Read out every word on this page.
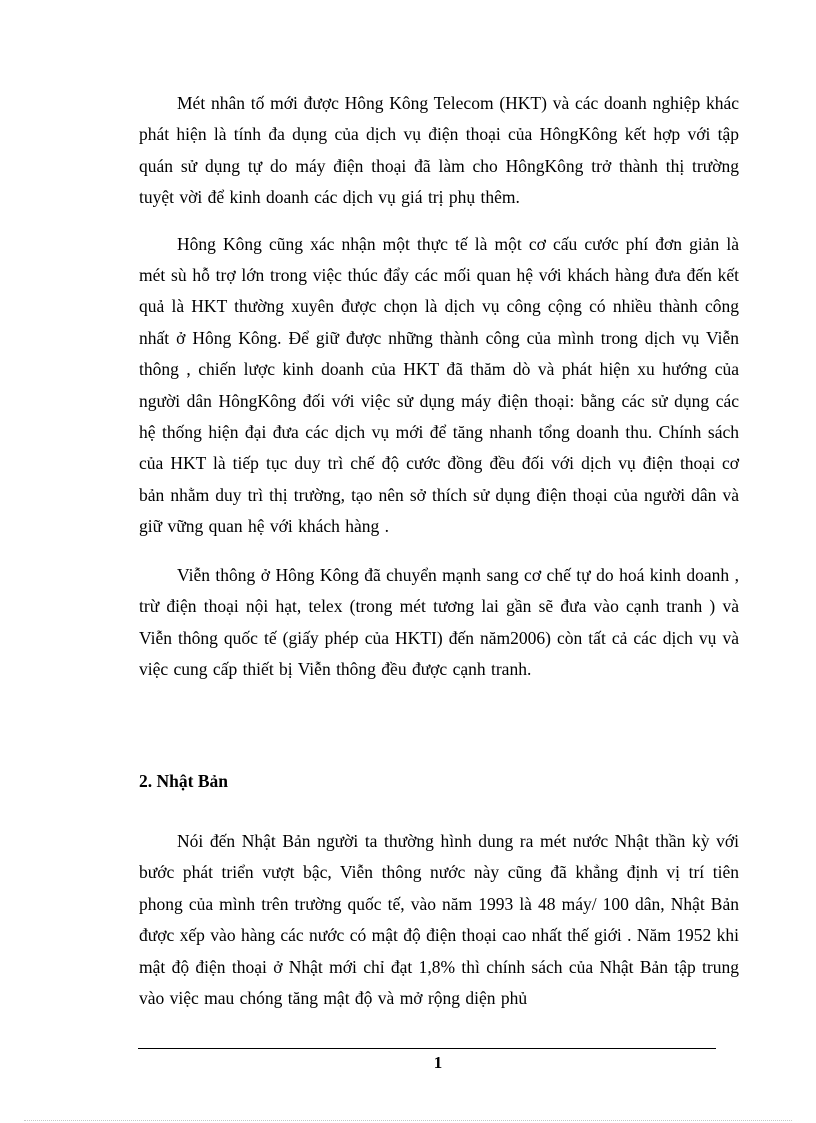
Mét nhân tố mới được Hông Kông Telecom (HKT) và các doanh nghiệp khác phát hiện là tính đa dụng của dịch vụ điện thoại của HôngKông kết hợp với tập quán sử dụng tự do máy điện thoại đã làm cho HôngKông trở thành thị trường tuyệt vời để kinh doanh các dịch vụ giá trị phụ thêm.

Hông Kông cũng xác nhận một thực tế là một cơ cấu cước phí đơn giản là mét sù hỗ trợ lớn trong việc thúc đẩy các mối quan hệ với khách hàng đưa đến kết quả là HKT thường xuyên được chọn là dịch vụ công cộng có nhiều thành công nhất ở Hông Kông. Để giữ được những thành công của mình trong dịch vụ Viễn thông , chiến lược kinh doanh của HKT đã thăm dò và phát hiện xu hướng của người dân HôngKông đối với việc sử dụng máy điện thoại: bằng các sử dụng các hệ thống hiện đại đưa các dịch vụ mới để tăng nhanh tổng doanh thu. Chính sách của HKT là tiếp tục duy trì chế độ cước đồng đều đối với dịch vụ điện thoại cơ bản nhằm duy trì thị trường, tạo nên sở thích sử dụng điện thoại của người dân và giữ vững quan hệ với khách hàng .

Viễn thông ở Hông Kông đã chuyển mạnh sang cơ chế tự do hoá kinh doanh , trừ điện thoại nội hạt, telex (trong mét tương lai gần sẽ đưa vào cạnh tranh ) và Viễn thông quốc tế (giấy phép của HKTI) đến năm2006) còn tất cả các dịch vụ và việc cung cấp thiết bị Viễn thông đều được cạnh tranh.

2. Nhật Bản

Nói đến Nhật Bản người ta thường hình dung ra mét nước Nhật thần kỳ với bước phát triển vượt bậc, Viễn thông nước này cũng đã khẳng định vị trí tiên phong của mình trên trường quốc tế, vào năm 1993 là 48 máy/ 100 dân, Nhật Bản được xếp vào hàng các nước có mật độ điện thoại cao nhất thế giới . Năm 1952 khi mật độ điện thoại ở Nhật mới chỉ đạt 1,8% thì chính sách của Nhật Bản tập trung vào việc mau chóng tăng mật độ và mở rộng diện phủ

1
